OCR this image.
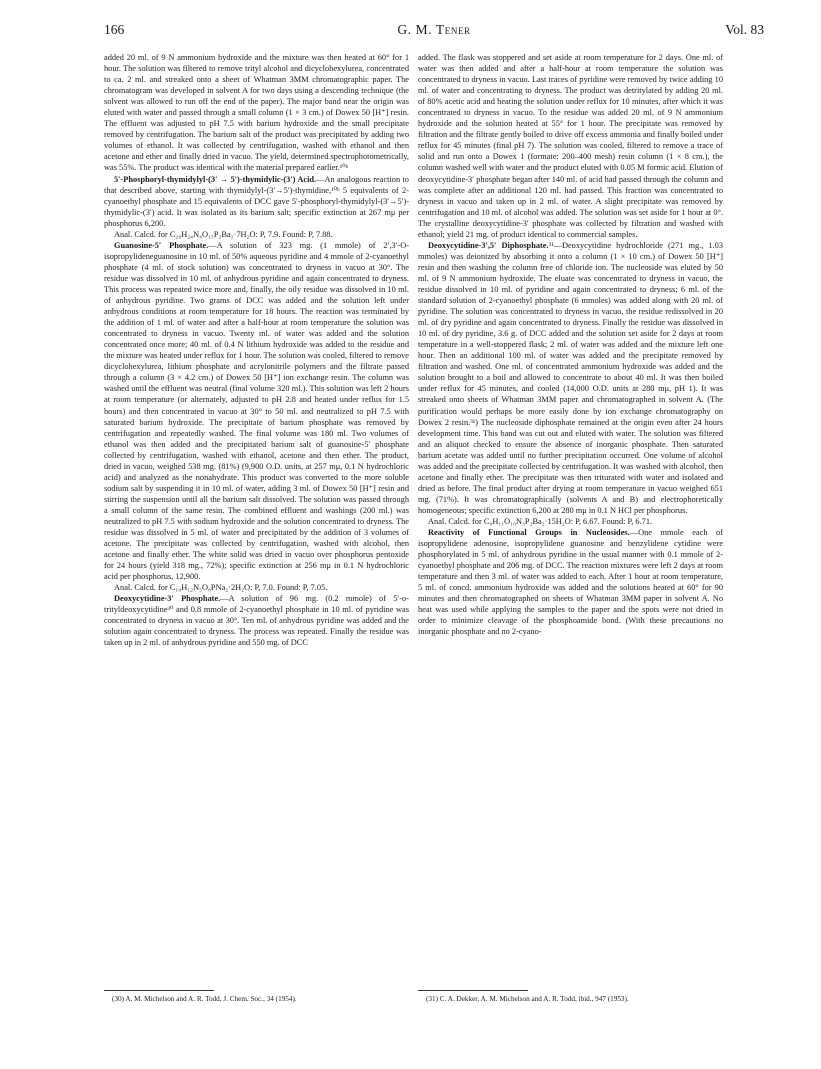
166	G. M. Tener	Vol. 83

added 20 ml. of 9 N ammonium hydroxide and the mixture was then heated at 60° for 1 hour. The solution was filtered to remove trityl alcohol and dicyclohexylurea, concentrated to ca. 2 ml. and streaked onto a sheet of Whatman 3MM chromatographic paper. The chromatogram was developed in solvent A for two days using a descending technique (the solvent was allowed to run off the end of the paper). The major band near the origin was eluted with water and passed through a small column (1 × 3 cm.) of Dowex 50 [H⁺] resin. The effluent was adjusted to pH 7.5 with barium hydroxide and the small precipitate removed by centrifugation. The barium salt of the product was precipitated by adding two volumes of ethanol. It was collected by centrifugation, washed with ethanol and then acetone and ether and finally dried in vacuo. The yield, determined spectrophotometrically, was 55%. The product was identical with the material prepared earlier.¹⁰ᵇ

5′-Phosphoryl-thymidylyl-(3′ → 5′)-thymidylic-(3′) Acid.—An analogous reaction to that described above, starting with thymidylyl-(3′→5′)-thymidine,¹⁰ᵇ 5 equivalents of 2-cyanoethyl phosphate and 15 equivalents of DCC gave 5′-phosphoryl-thymidylyl-(3′→5′)-thymidylic-(3′) acid. It was isolated as its barium salt; specific extinction at 267 mμ per phosphorus 6,200.

Anal. Calcd. for C₂₀H₂₄N₄O₁₅P₂Ba₂·7H₂O: P, 7.9. Found: P, 7.88.

Guanosine-5′ Phosphate.—A solution of 323 mg. (1 mmole) of 2′,3′-O-isopropylideneguanosine in 10 ml. of 50% aqueous pyridine and 4 mmole of 2-cyanoethyl phosphate (4 ml. of stock solution) was concentrated to dryness in vacuo at 30°. The residue was dissolved in 10 ml. of anhydrous pyridine and again concentrated to dryness. This process was repeated twice more and, finally, the oily residue was dissolved in 10 ml. of anhydrous pyridine. Two grams of DCC was added and the solution left under anhydrous conditions at room temperature for 18 hours. The reaction was terminated by the addition of 1 ml. of water and after a half-hour at room temperature the solution was concentrated to dryness in vacuo. Twenty ml. of water was added and the solution concentrated once more; 40 ml. of 0.4 N lithium hydroxide was added to the residue and the mixture was heated under reflux for 1 hour. The solution was cooled, filtered to remove dicyclohexylurea, lithium phosphate and acrylonitrile polymers and the filtrate passed through a column (3 × 4.2 cm.) of Dowex 50 [H⁺] ion exchange resin. The column was washed until the effluent was neutral (final volume 320 ml.). This solution was left 2 hours at room temperature (or alternately, adjusted to pH 2.8 and heated under reflux for 1.5 hours) and then concentrated in vacuo at 30° to 50 ml. and neutralized to pH 7.5 with saturated barium hydroxide. The precipitate of barium phosphate was removed by centrifugation and repeatedly washed. The final volume was 180 ml. Two volumes of ethanol was then added and the precipitated barium salt of guanosine-5′ phosphate collected by centrifugation, washed with ethanol, acetone and then ether. The product, dried in vacuo, weighed 538 mg. (81%) (9,900 O.D. units, at 257 mμ, 0.1 N hydrochloric acid) and analyzed as the nonahydrate. This product was converted to the more soluble sodium salt by suspending it in 10 ml. of water, adding 3 ml. of Dowex 50 [H⁺] resin and stirring the suspension until all the barium salt dissolved. The solution was passed through a small column of the same resin. The combined effluent and washings (200 ml.) was neutralized to pH 7.5 with sodium hydroxide and the solution concentrated to dryness. The residue was dissolved in 5 ml. of water and precipitated by the addition of 3 volumes of acetone. The precipitate was collected by centrifugation, washed with alcohol, then acetone and finally ether. The white solid was dried in vacuo over phosphorus pentoxide for 24 hours (yield 318 mg., 72%); specific extinction at 256 mμ in 0.1 N hydrochloric acid per phosphorus, 12,900.

Anal. Calcd. for C₁₀H₁₂N₅O₈PNa₂·2H₂O: P, 7.0. Found: P, 7.05.

Deoxycytidine-3′ Phosphate.—A solution of 96 mg. (0.2 mmole) of 5′-o-trityldeoxycytidine³⁰ and 0.8 mmole of 2-cyanoethyl phosphate in 10 ml. of pyridine was concentrated to dryness in vacuo at 30°. Ten ml. of anhydrous pyridine was added and the solution again concentrated to dryness. The process was repeated. Finally the residue was taken up in 2 ml. of anhydrous pyridine and 550 mg. of DCC

added. The flask was stoppered and set aside at room temperature for 2 days. One ml. of water was then added and after a half-hour at room temperature the solution was concentrated to dryness in vacuo. Last traces of pyridine were removed by twice adding 10 ml. of water and concentrating to dryness. The product was detritylated by adding 20 ml. of 80% acetic acid and heating the solution under reflux for 10 minutes, after which it was concentrated to dryness in vacuo. To the residue was added 20 ml. of 9 N ammonium hydroxide and the solution heated at 55° for 1 hour. The precipitate was removed by filtration and the filtrate gently boiled to drive off excess ammonia and finally boiled under reflux for 45 minutes (final pH 7). The solution was cooled, filtered to remove a trace of solid and run onto a Dowex 1 (formate: 200–400 mesh) resin column (1 × 8 cm.), the column washed well with water and the product eluted with 0.05 M formic acid. Elution of deoxycytidine-3′ phosphate began after 140 ml. of acid had passed through the column and was complete after an additional 120 ml. had passed. This fraction was concentrated to dryness in vacuo and taken up in 2 ml. of water. A slight precipitate was removed by centrifugation and 10 ml. of alcohol was added. The solution was set aside for 1 hour at 0°. The crystalline deoxycytidine-3′ phosphate was collected by filtration and washed with ethanol; yield 21 mg. of product identical to commercial samples.

Deoxycytidine-3′,5′ Diphosphate.³¹—Deoxycytidine hydrochloride (271 mg., 1.03 mmoles) was deionized by absorbing it onto a column (1 × 10 cm.) of Dowex 50 [H⁺] resin and then washing the column free of chloride ion. The nucleoside was eluted by 50 ml. of 9 N ammonium hydroxide. The eluate was concentrated to dryness in vacuo, the residue dissolved in 10 ml. of pyridine and again concentrated to dryness; 6 ml. of the standard solution of 2-cyanoethyl phosphate (6 mmoles) was added along with 20 ml. of pyridine. The solution was concentrated to dryness in vacuo, the residue redissolved in 20 ml. of dry pyridine and again concentrated to dryness. Finally the residue was dissolved in 10 ml. of dry pyridine, 3.6 g. of DCC added and the solution set aside for 2 days at room temperature in a well-stoppered flask; 2 ml. of water was added and the mixture left one hour. Then an additional 100 ml. of water was added and the precipitate removed by filtration and washed. One ml. of concentrated ammonium hydroxide was added and the solution brought to a boil and allowed to concentrate to about 40 ml. It was then boiled under reflux for 45 minutes, and cooled (14,000 O.D. units at 280 mμ, pH 1). It was streaked onto sheets of Whatman 3MM paper and chromatographed in solvent A. (The purification would perhaps be more easily done by ion exchange chromatography on Dowex 2 resin.³¹) The nucleoside diphosphate remained at the origin even after 24 hours development time. This band was cut out and eluted with water. The solution was filtered and an aliquot checked to ensure the absence of inorganic phosphate. Then saturated barium acetate was added until no further precipitation occurred. One volume of alcohol was added and the precipitate collected by centrifugation. It was washed with alcohol, then acetone and finally ether. The precipitate was then triturated with water and isolated and dried as before. The final product after drying at room temperature in vacuo weighed 651 mg. (71%). It was chromatographically (solvents A and B) and electrophoretically homogeneous; specific extinction 6,200 at 280 mμ in 0.1 N HCl per phosphorus.

Anal. Calcd. for C₉H₁₁O₁₀N₃P₂Ba₂·15H₂O: P, 6.67. Found: P, 6.71.

Reactivity of Functional Groups in Nucleosides.—One mmole each of isopropylidene adenosine, isopropylidene guanosine and benzylidene cytidine were phosphorylated in 5 ml. of anhydrous pyridine in the usual manner with 0.1 mmole of 2-cyanoethyl phosphate and 206 mg. of DCC. The reaction mixtures were left 2 days at room temperature and then 3 ml. of water was added to each. After 1 hour at room temperature, 5 ml. of concd. ammonium hydroxide was added and the solutions heated at 60° for 90 minutes and then chromatographed on sheets of Whatman 3MM paper in solvent A. No heat was used while applying the samples to the paper and the spots were not dried in order to minimize cleavage of the phosphoamide bond. (With these precautions no inorganic phosphate and no 2-cyano-

(30) A. M. Michelson and A. R. Todd, J. Chem. Soc., 34 (1954).	(31) C. A. Dekker, A. M. Michelson and A. R. Todd, ibid., 947 (1953).
